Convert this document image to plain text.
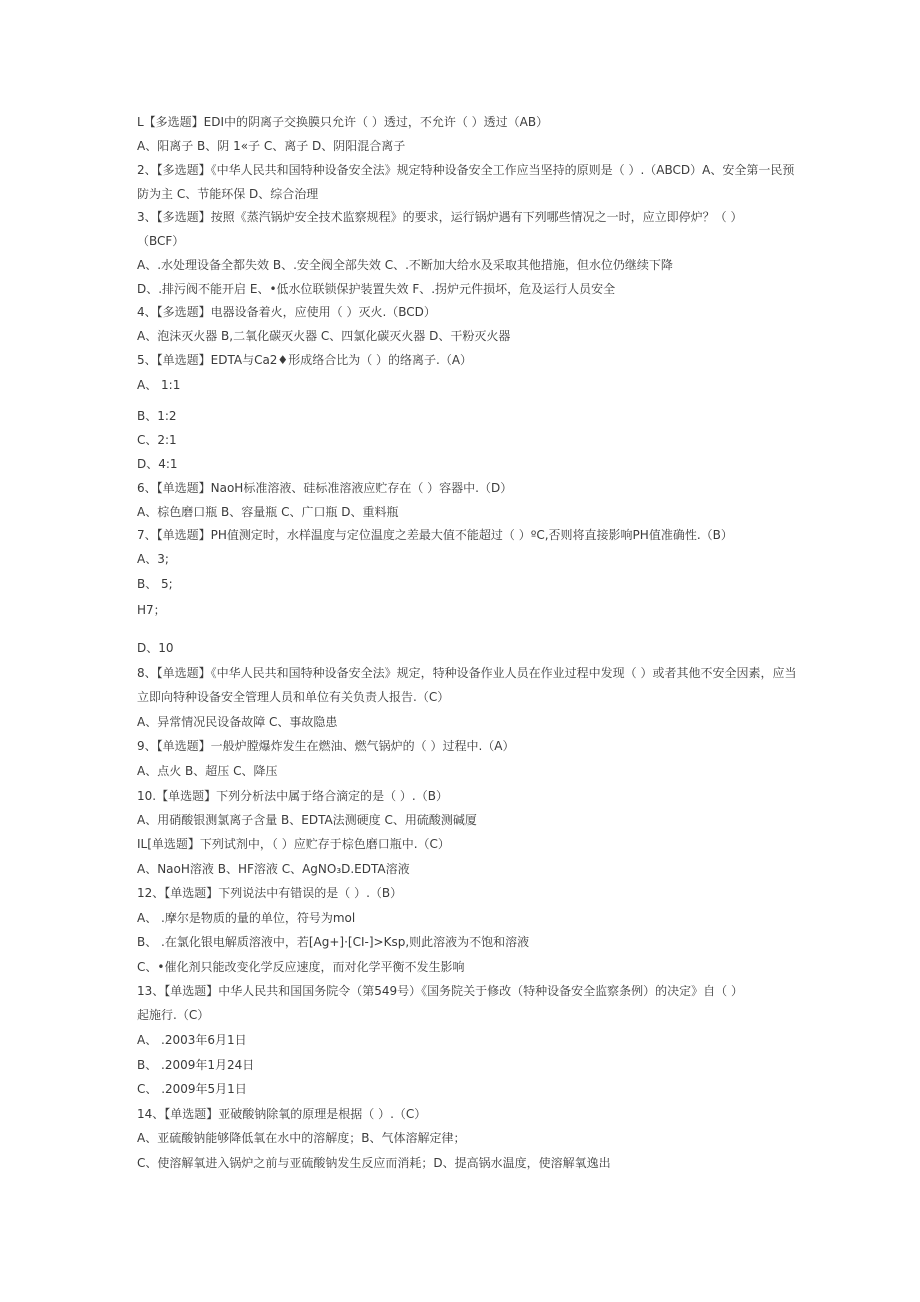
L【多选题】EDI中的阴离子交换膜只允许（ ）透过，不允许（ ）透过（AB）
A、阳离子 B、阴 1«子 C、离子 D、阴阳混合离子
2、【多选题】《中华人民共和国特种设备安全法》规定特种设备安全工作应当坚持的原则是（ ）.（ABCD）A、安全第一民预
防为主 C、节能环保 D、综合治理
3、【多选题】按照《蒸汽锅炉安全技术监察规程》的要求，运行锅炉遇有下列哪些情况之一时，应立即停炉？（ ）
（BCF）
A、.水处理设备全都失效 B、.安全阀全部失效 C、.不断加大给水及采取其他措施，但水位仍继续下降
D、.排污阀不能开启 E、•低水位联锁保护装置失效 F、.拐炉元件损坏，危及运行人员安全
4、【多选题】电器设备着火，应使用（ ）灭火.（BCD）
A、泡沫灭火器 B,二氧化碳灭火器 C、四氯化碳灭火器 D、干粉灭火器
5、【单选题】EDTA与Ca2♦形成络合比为（ ）的络离子.（A）
A、 1:1
B、1:2
C、2:1
D、4:1
6、【单选题】NaoH标准溶液、硅标准溶液应贮存在（ ）容器中.（D）
A、棕色磨口瓶 B、容量瓶 C、广口瓶 D、重料瓶
7、【单选题】PH值测定时，水样温度与定位温度之差最大值不能超过（ ）ºC,否则将直接影响PH值准确性.（B）
A、3;
B、 5;
H7；
D、10
8、【单选题】《中华人民共和国特种设备安全法》规定，特种设备作业人员在作业过程中发现（ ）或者其他不安全因素，应当
立即向特种设备安全管理人员和单位有关负责人报告.（C）
A、异常情况民设备故障 C、事故隐患
9、【单选题】一般炉膛爆炸发生在燃油、燃气锅炉的（ ）过程中.（A）
A、点火 B、超压 C、降压
10.【单选题】下列分析法中属于络合滴定的是（ ）.（B）
A、用硝酸银测氯离子含量 B、EDTA法测硬度 C、用硫酸测碱厦
IL[单选题】下列试剂中，（ ）应贮存于棕色磨口瓶中.（C）
A、NaoH溶液 B、HF溶液 C、AgNO₃D.EDTA溶液
12、【单选题】下列说法中有错误的是（ ）.（B）
A、 .摩尔是物质的量的单位，符号为mol
B、 .在氯化银电解质溶液中，若[Ag+]·[CI-]>Ksp,则此溶液为不饱和溶液
C、•催化剂只能改变化学反应速度，而对化学平衡不发生影响
13、【单选题】中华人民共和国国务院令（第549号）《国务院关于修改（特种设备安全监察条例）的决定》自（ ）
起施行.（C）
A、 .2003年6月1日
B、 .2009年1月24日
C、 .2009年5月1日
14、【单选题】亚破酸钠除氧的原理是根据（ ）.（C）
A、亚硫酸钠能够降低氧在水中的溶解度；B、气体溶解定律；
C、使溶解氧进入锅炉之前与亚硫酸钠发生反应而消耗；D、提高锅水温度，使溶解氧逸出
